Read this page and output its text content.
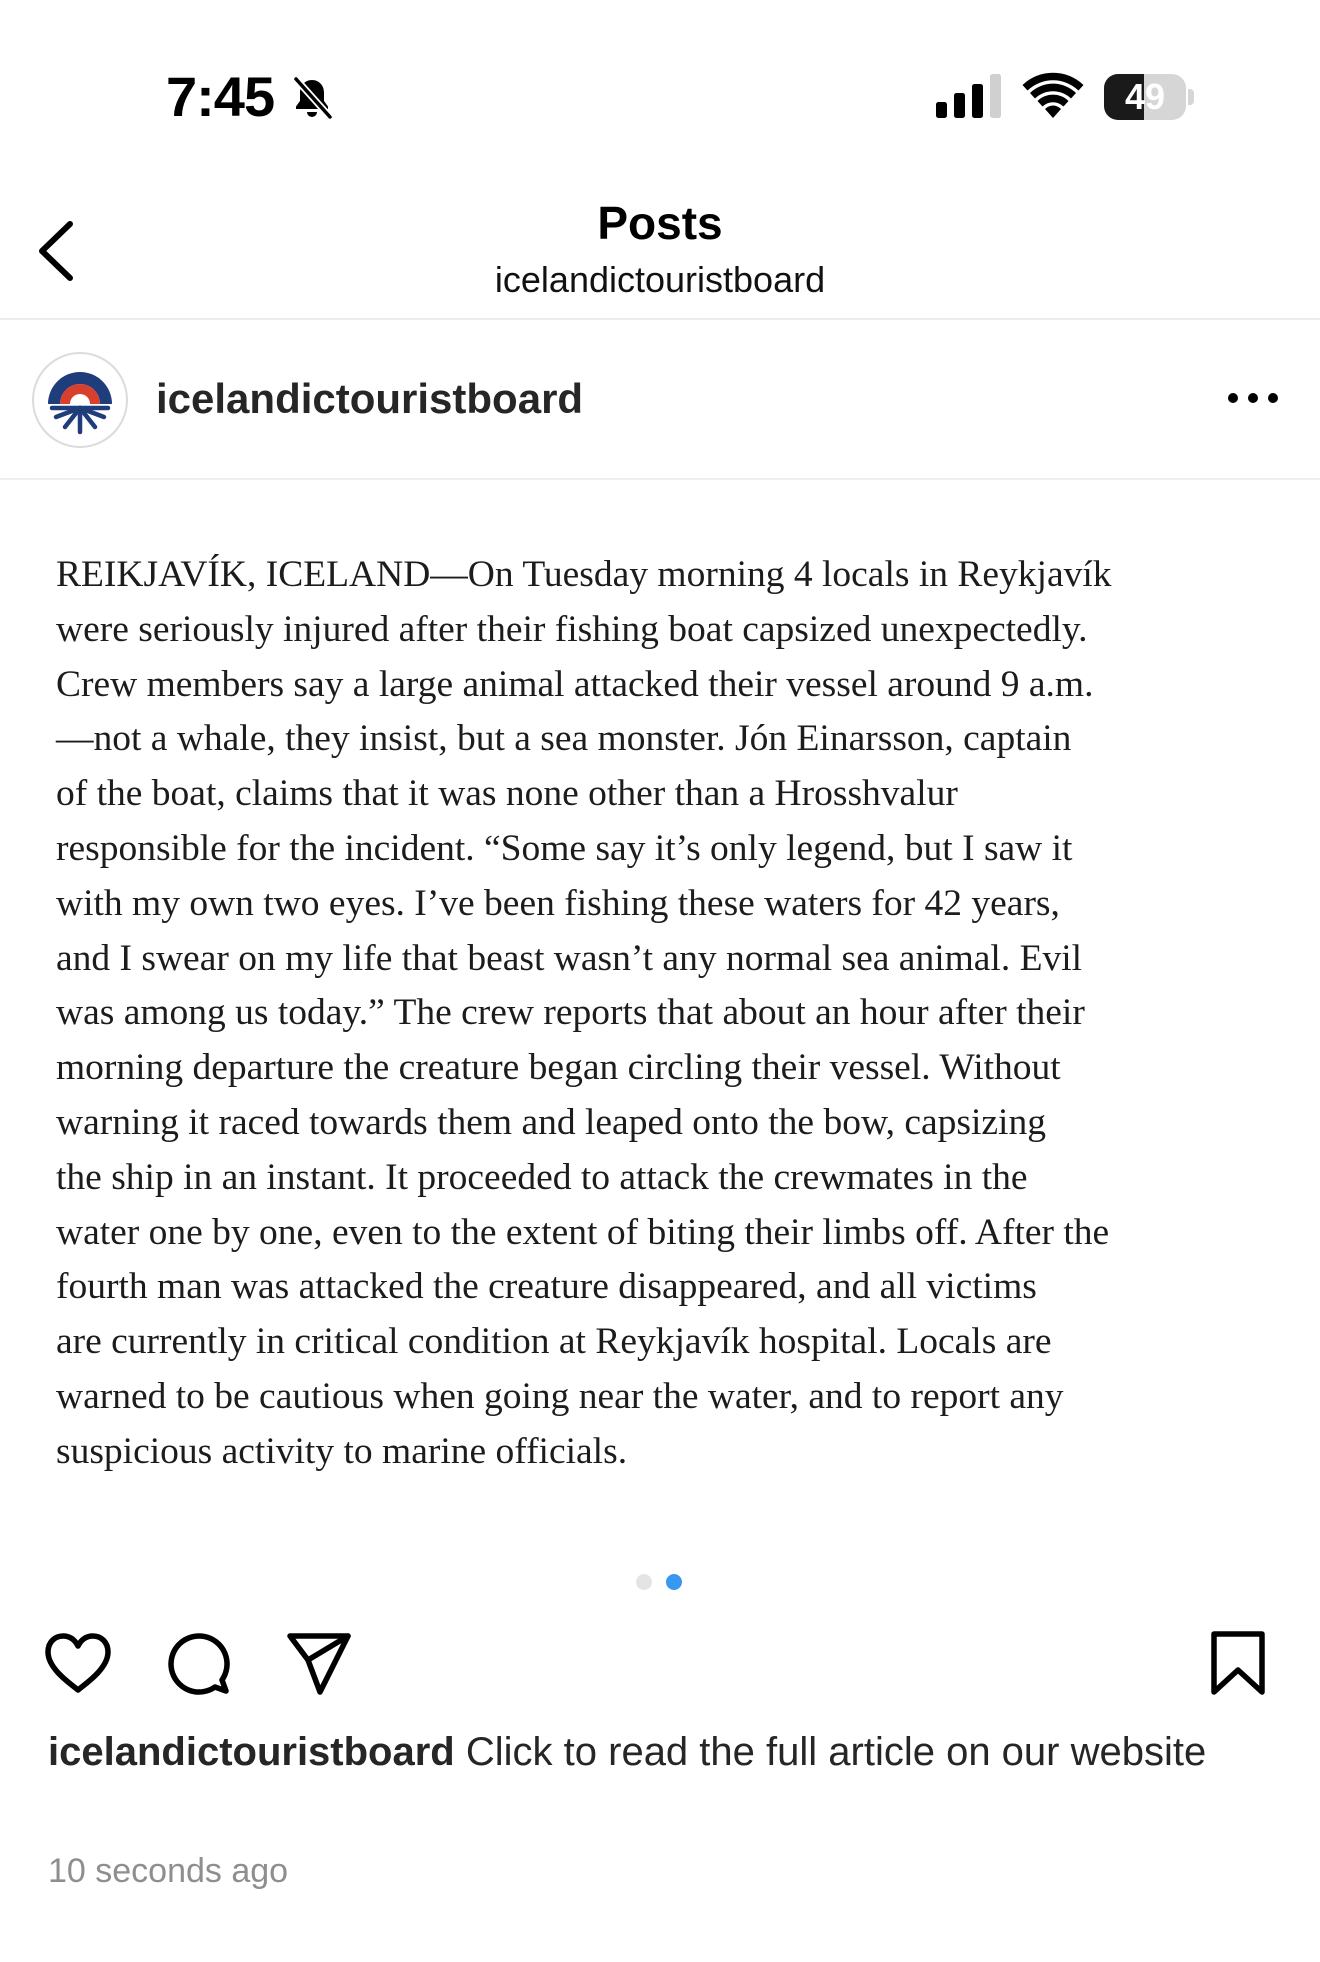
7:45	49
Posts
icelandictouristboard
icelandictouristboard
REIKJAVÍK, ICELAND—On Tuesday morning 4 locals in Reykjavík
were seriously injured after their fishing boat capsized unexpectedly.
Crew members say a large animal attacked their vessel around 9 a.m.
—not a whale, they insist, but a sea monster. Jón Einarsson, captain
of the boat, claims that it was none other than a Hrosshvalur
responsible for the incident. “Some say it’s only legend, but I saw it
with my own two eyes. I’ve been fishing these waters for 42 years,
and I swear on my life that beast wasn’t any normal sea animal. Evil
was among us today.” The crew reports that about an hour after their
morning departure the creature began circling their vessel. Without
warning it raced towards them and leaped onto the bow, capsizing
the ship in an instant. It proceeded to attack the crewmates in the
water one by one, even to the extent of biting their limbs off. After the
fourth man was attacked the creature disappeared, and all victims
are currently in critical condition at Reykjavík hospital. Locals are
warned to be cautious when going near the water, and to report any
suspicious activity to marine officials.
icelandictouristboard Click to read the full article on our website
10 seconds ago
